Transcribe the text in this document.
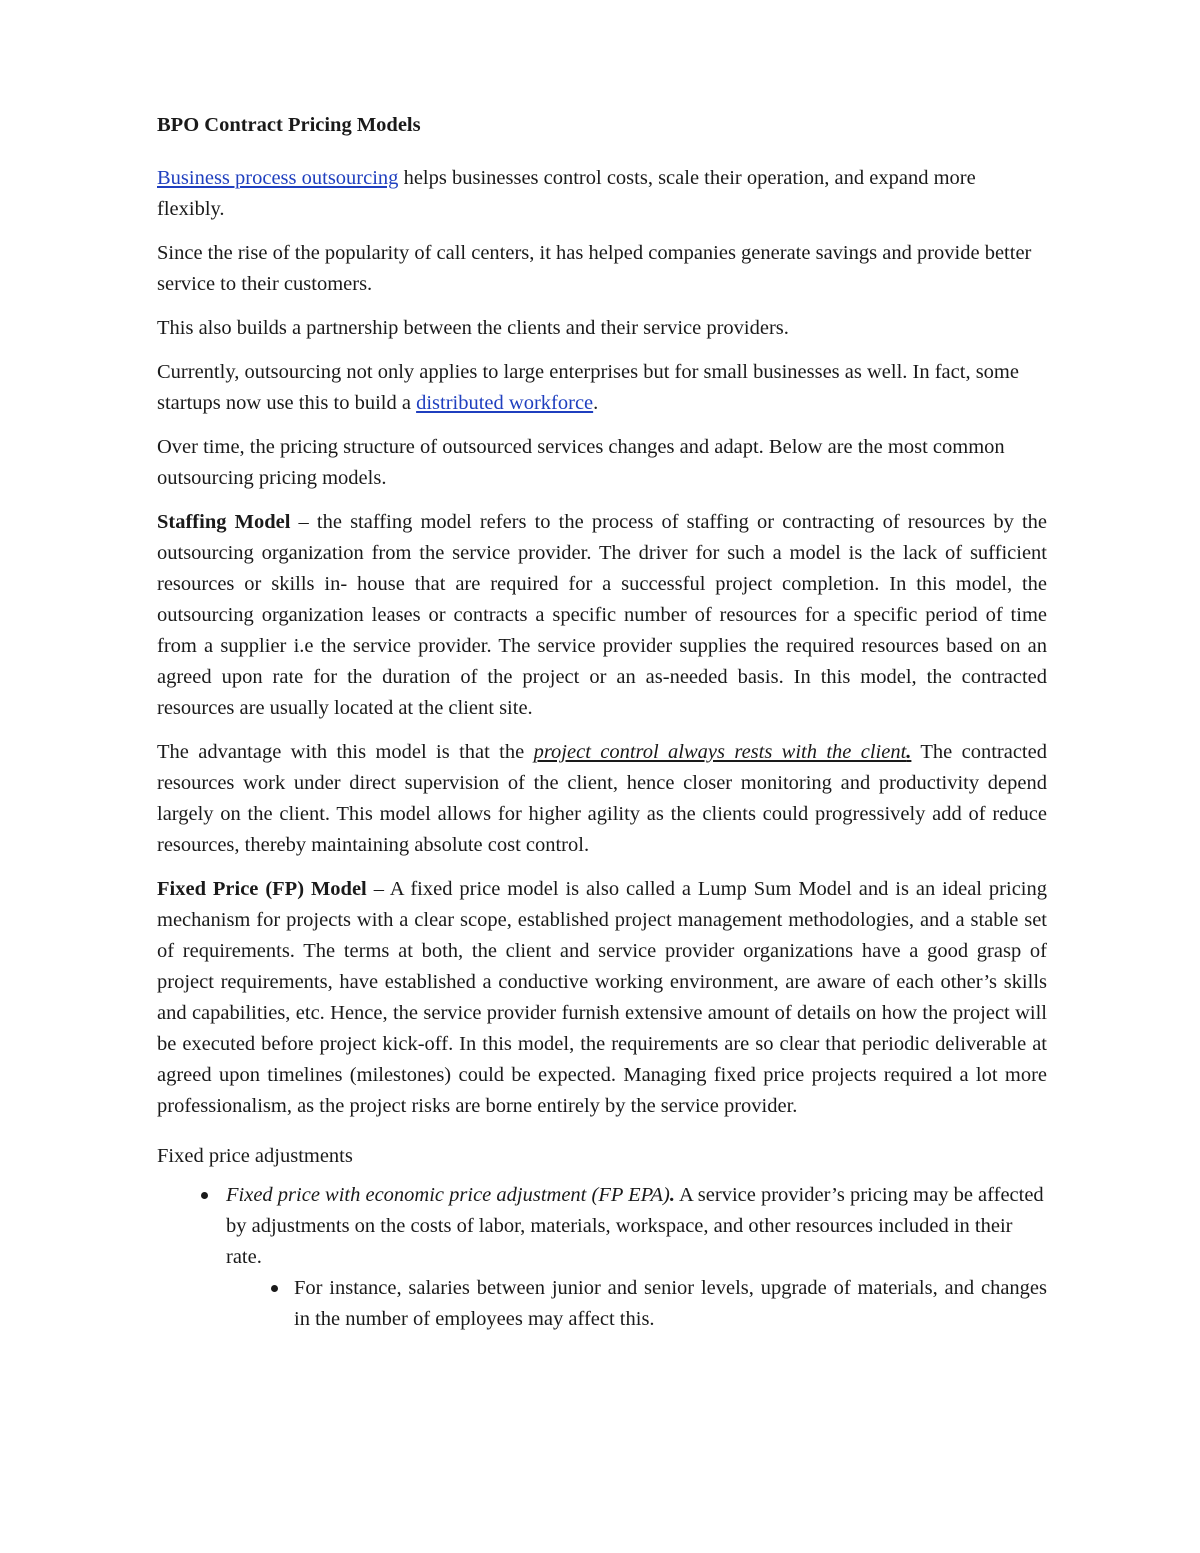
BPO Contract Pricing Models

Business process outsourcing helps businesses control costs, scale their operation, and expand more flexibly.

Since the rise of the popularity of call centers, it has helped companies generate savings and provide better service to their customers.

This also builds a partnership between the clients and their service providers.

Currently, outsourcing not only applies to large enterprises but for small businesses as well. In fact, some startups now use this to build a distributed workforce.

Over time, the pricing structure of outsourced services changes and adapt. Below are the most common outsourcing pricing models.

Staffing Model – the staffing model refers to the process of staffing or contracting of resources by the outsourcing organization from the service provider. The driver for such a model is the lack of sufficient resources or skills in- house that are required for a successful project completion. In this model, the outsourcing organization leases or contracts a specific number of resources for a specific period of time from a supplier i.e the service provider. The service provider supplies the required resources based on an agreed upon rate for the duration of the project or an as-needed basis. In this model, the contracted resources are usually located at the client site.

The advantage with this model is that the project control always rests with the client. The contracted resources work under direct supervision of the client, hence closer monitoring and productivity depend largely on the client. This model allows for higher agility as the clients could progressively add of reduce resources, thereby maintaining absolute cost control.

Fixed Price (FP) Model – A fixed price model is also called a Lump Sum Model and is an ideal pricing mechanism for projects with a clear scope, established project management methodologies, and a stable set of requirements. The terms at both, the client and service provider organizations have a good grasp of project requirements, have established a conductive working environment, are aware of each other’s skills and capabilities, etc. Hence, the service provider furnish extensive amount of details on how the project will be executed before project kick-off. In this model, the requirements are so clear that periodic deliverable at agreed upon timelines (milestones) could be expected. Managing fixed price projects required a lot more professionalism, as the project risks are borne entirely by the service provider.

Fixed price adjustments

Fixed price with economic price adjustment (FP EPA). A service provider’s pricing may be affected by adjustments on the costs of labor, materials, workspace, and other resources included in their rate.
For instance, salaries between junior and senior levels, upgrade of materials, and changes in the number of employees may affect this.
